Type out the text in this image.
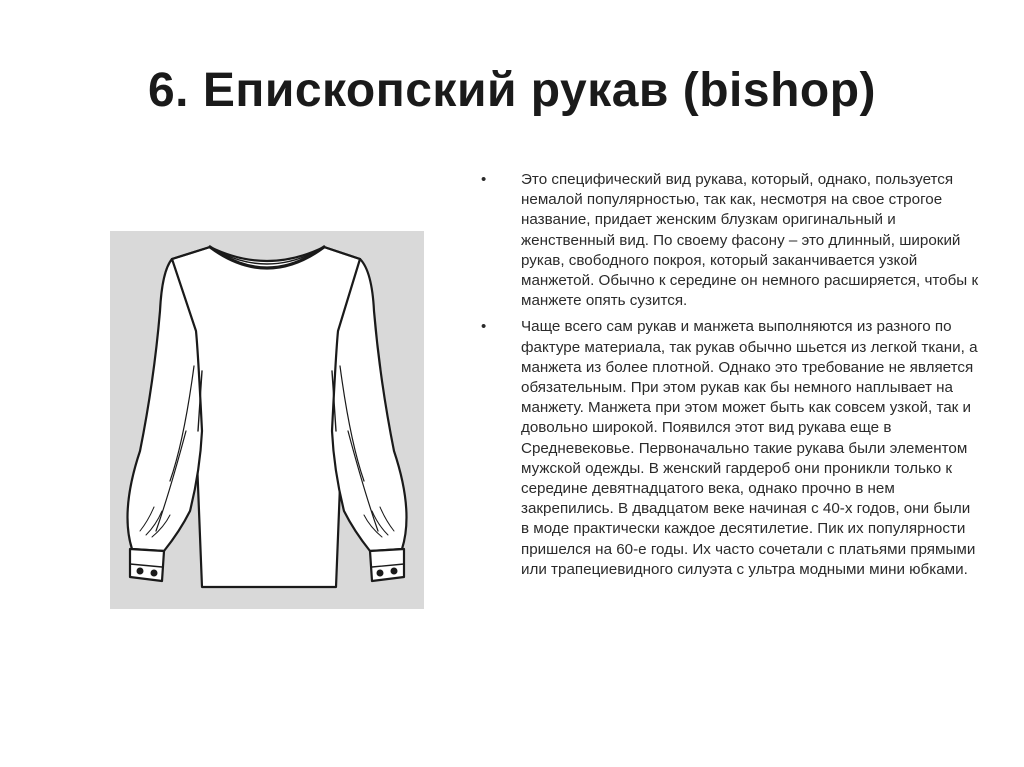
6. Епископский рукав (bishop)
• Это специфический вид рукава, который, однако, пользуется немалой популярностью, так как, несмотря на свое строгое название, придает женским блузкам оригинальный и женственный вид. По своему фасону – это длинный, широкий рукав, свободного покроя, который заканчивается узкой манжетой. Обычно к середине он немного расширяется, чтобы к манжете опять сузится.
• Чаще всего сам рукав и манжета выполняются из разного по фактуре материала, так рукав обычно шьется из легкой ткани, а манжета из более плотной. Однако это требование не является обязательным. При этом рукав как бы немного наплывает на манжету. Манжета при этом может быть как совсем узкой, так и довольно широкой. Появился этот вид рукава еще в Средневековье. Первоначально такие рукава были элементом мужской одежды. В женский гардероб они проникли только к середине девятнадцатого века, однако прочно в нем закрепились. В двадцатом веке начиная с 40-х годов, они были в моде практически каждое десятилетие. Пик их популярности пришелся на 60-е годы. Их часто сочетали с платьями прямыми или трапециевидного силуэта с ультра модными мини юбками.
